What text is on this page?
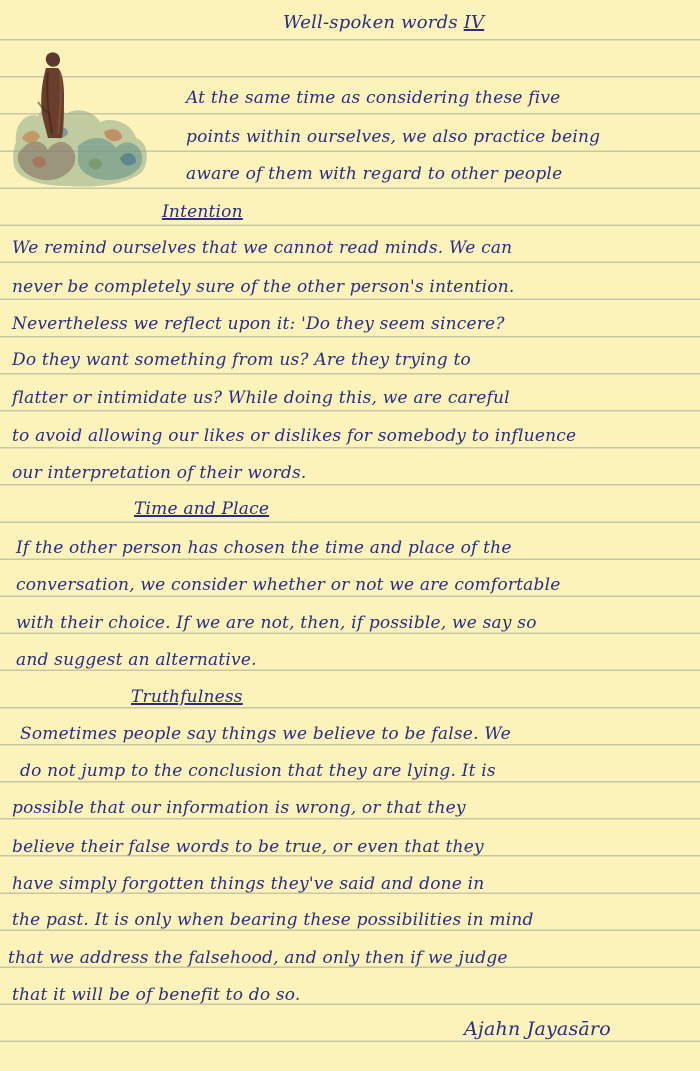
Well-spoken words IV
At the same time as considering these five
points within ourselves, we also practice being
aware of them with regard to other people
Intention
We remind ourselves that we cannot read minds. We can
never be completely sure of the other person's intention.
Nevertheless we reflect upon it: 'Do they seem sincere?
Do they want something from us? Are they trying to
flatter or intimidate us? While doing this, we are careful
to avoid allowing our likes or dislikes for somebody to influence
our interpretation of their words.
Time and Place
If the other person has chosen the time and place of the
conversation, we consider whether or not we are comfortable
with their choice. If we are not, then, if possible, we say so
and suggest an alternative.
Truthfulness
Sometimes people say things we believe to be false. We
do not jump to the conclusion that they are lying. It is
possible that our information is wrong, or that they
believe their false words to be true, or even that they
have simply forgotten things they've said and done in
the past. It is only when bearing these possibilities in mind
that we address the falsehood, and only then if we judge
that it will be of benefit to do so.
Ajahn Jayasāro
